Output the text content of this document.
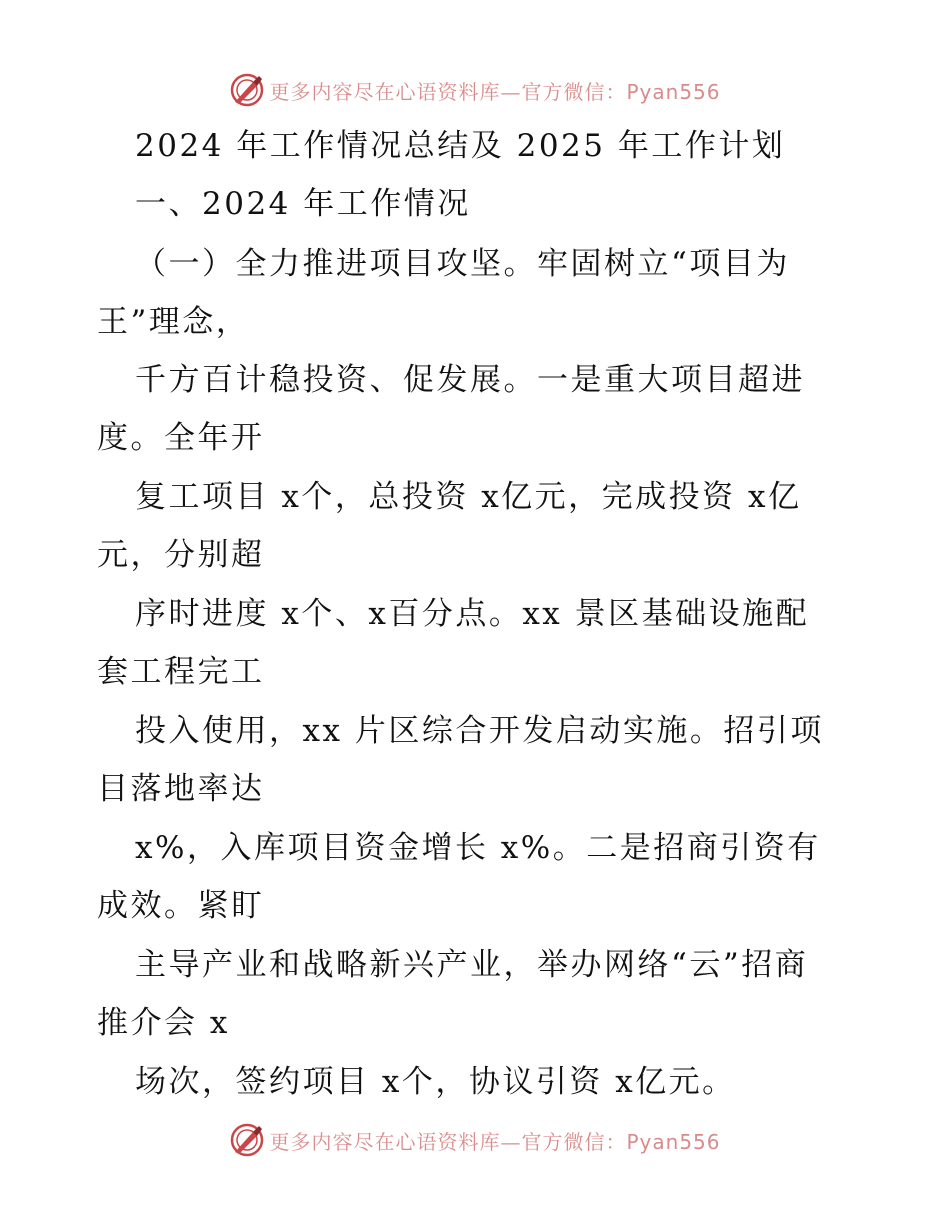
更多内容尽在心语资料库—官方微信：Pyan556
2024 年工作情况总结及 2025 年工作计划
一、2024 年工作情况
（一）全力推进项目攻坚。牢固树立“项目为
王”理念，
千方百计稳投资、促发展。一是重大项目超进
度。全年开
复工项目 x个，总投资 x亿元，完成投资 x亿
元，分别超
序时进度 x个、x百分点。xx 景区基础设施配
套工程完工
投入使用，xx 片区综合开发启动实施。招引项
目落地率达
x%，入库项目资金增长 x%。二是招商引资有
成效。紧盯
主导产业和战略新兴产业，举办网络“云”招商
推介会 x
场次，签约项目 x个，协议引资 x亿元。
更多内容尽在心语资料库—官方微信：Pyan556
